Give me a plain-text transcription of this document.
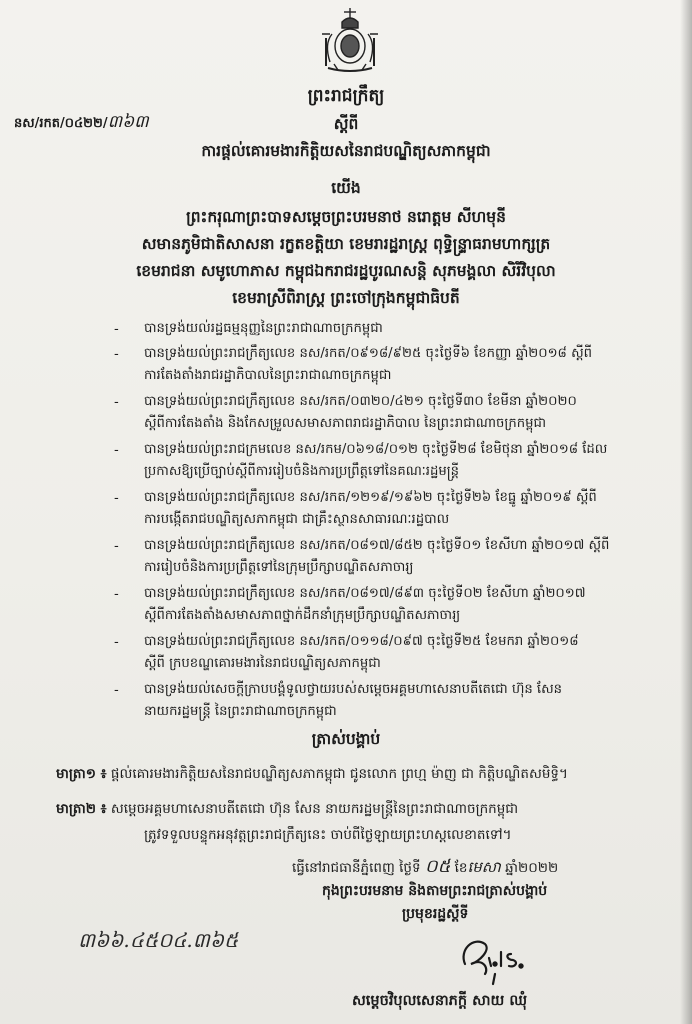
ព្រះរាជក្រឹត្យ
នស/រកត/០៤២២/៣៦៣	ស្តីពី
ការផ្តល់គោរមងារកិត្តិយសនៃរាជបណ្ឌិត្យសភាកម្ពុជា
យើង
ព្រះករុណាព្រះបាទសម្តេចព្រះបរមនាថ នរោត្តម សីហមុនី
សមានភូមិជាតិសាសនា រក្ខតខត្តិយា ខេមរារដ្ឋរាស្ត្រ ពុទ្ធិន្ទ្រាធរាមហាក្សត្រ
ខេមរាជនា សមូហោភាស កម្ពុជឯករាជរដ្ឋបូរណសន្តិ សុភមង្គលា សិរីវិបុលា
ខេមរាស្រីពិរាស្ត្រ ព្រះចៅក្រុងកម្ពុជាធិបតី
- បានទ្រង់យល់រដ្ឋធម្មនុញ្ញនៃព្រះរាជាណាចក្រកម្ពុជា
- បានទ្រង់យល់ព្រះរាជក្រឹត្យលេខ នស/រកត/០៩១៨/៩២៥ ចុះថ្ងៃទី៦ ខែកញ្ញា ឆ្នាំ២០១៨ ស្តីពី
ការតែងតាំងរាជរដ្ឋាភិបាលនៃព្រះរាជាណាចក្រកម្ពុជា
- បានទ្រង់យល់ព្រះរាជក្រឹត្យលេខ នស/រកត/០៣២០/៤២១ ចុះថ្ងៃទី៣០ ខែមីនា ឆ្នាំ២០២០
ស្តីពីការតែងតាំង និងកែសម្រួលសមាសភាពរាជរដ្ឋាភិបាល នៃព្រះរាជាណាចក្រកម្ពុជា
- បានទ្រង់យល់ព្រះរាជក្រមលេខ នស/រកម/០៦១៨/០១២ ចុះថ្ងៃទី២៨ ខែមិថុនា ឆ្នាំ២០១៨ ដែល
ប្រកាសឱ្យប្រើច្បាប់ស្តីពីការរៀបចំនិងការប្រព្រឹត្តទៅនៃគណៈរដ្ឋមន្ត្រី
- បានទ្រង់យល់ព្រះរាជក្រឹត្យលេខ នស/រកត/១២១៩/១៩៦២ ចុះថ្ងៃទី២៦ ខែធ្នូ ឆ្នាំ២០១៩ ស្តីពី
ការបង្កើតរាជបណ្ឌិត្យសភាកម្ពុជា ជាគ្រឹះស្ថានសាធារណៈរដ្ឋបាល
- បានទ្រង់យល់ព្រះរាជក្រឹត្យលេខ នស/រកត/០៨១៧/៨៥២ ចុះថ្ងៃទី០១ ខែសីហា ឆ្នាំ២០១៧ ស្តីពី
ការរៀបចំនិងការប្រព្រឹត្តទៅនៃក្រុមប្រឹក្សាបណ្ឌិតសភាចារ្យ
- បានទ្រង់យល់ព្រះរាជក្រឹត្យលេខ នស/រកត/០៨១៧/៨៩៣ ចុះថ្ងៃទី០២ ខែសីហា ឆ្នាំ២០១៧
ស្តីពីការតែងតាំងសមាសភាពថ្នាក់ដឹកនាំក្រុមប្រឹក្សាបណ្ឌិតសភាចារ្យ
- បានទ្រង់យល់ព្រះរាជក្រឹត្យលេខ នស/រកត/០១១៨/០៩៧ ចុះថ្ងៃទី២៥ ខែមករា ឆ្នាំ២០១៨
ស្តីពី ក្របខណ្ឌគោរមងារនៃរាជបណ្ឌិត្យសភាកម្ពុជា
- បានទ្រង់យល់សេចក្តីក្រាបបង្គំទូលថ្វាយរបស់សម្តេចអគ្គមហាសេនាបតីតេជោ ហ៊ុន សែន
នាយករដ្ឋមន្ត្រី នៃព្រះរាជាណាចក្រកម្ពុជា
ត្រាស់បង្គាប់
មាត្រា១ ៖ ផ្តល់គោរមងារកិត្តិយសនៃរាជបណ្ឌិត្យសភាកម្ពុជា ជូនលោក ព្រហ្ម ម៉ាញ ជា កិត្តិបណ្ឌិតសមិទ្ធិ។
មាត្រា២ ៖ សម្តេចអគ្គមហាសេនាបតីតេជោ ហ៊ុន សែន នាយករដ្ឋមន្ត្រីនៃព្រះរាជាណាចក្រកម្ពុជា
ត្រូវទទួលបន្ទុកអនុវត្តព្រះរាជក្រឹត្យនេះ ចាប់ពីថ្ងៃឡាយព្រះហស្តលេខាតទៅ។
ធ្វើនៅរាជធានីភ្នំពេញ ថ្ងៃទី ០៥ ខែមេសា ឆ្នាំ២០២២
កុងព្រះបរមនាម និងតាមព្រះរាជត្រាស់បង្គាប់
ប្រមុខរដ្ឋស្តីទី
៣៦៦.៤៥០៤.៣៦៥
សម្តេចវិបុលសេនាភក្តី សាយ ឈុំ
